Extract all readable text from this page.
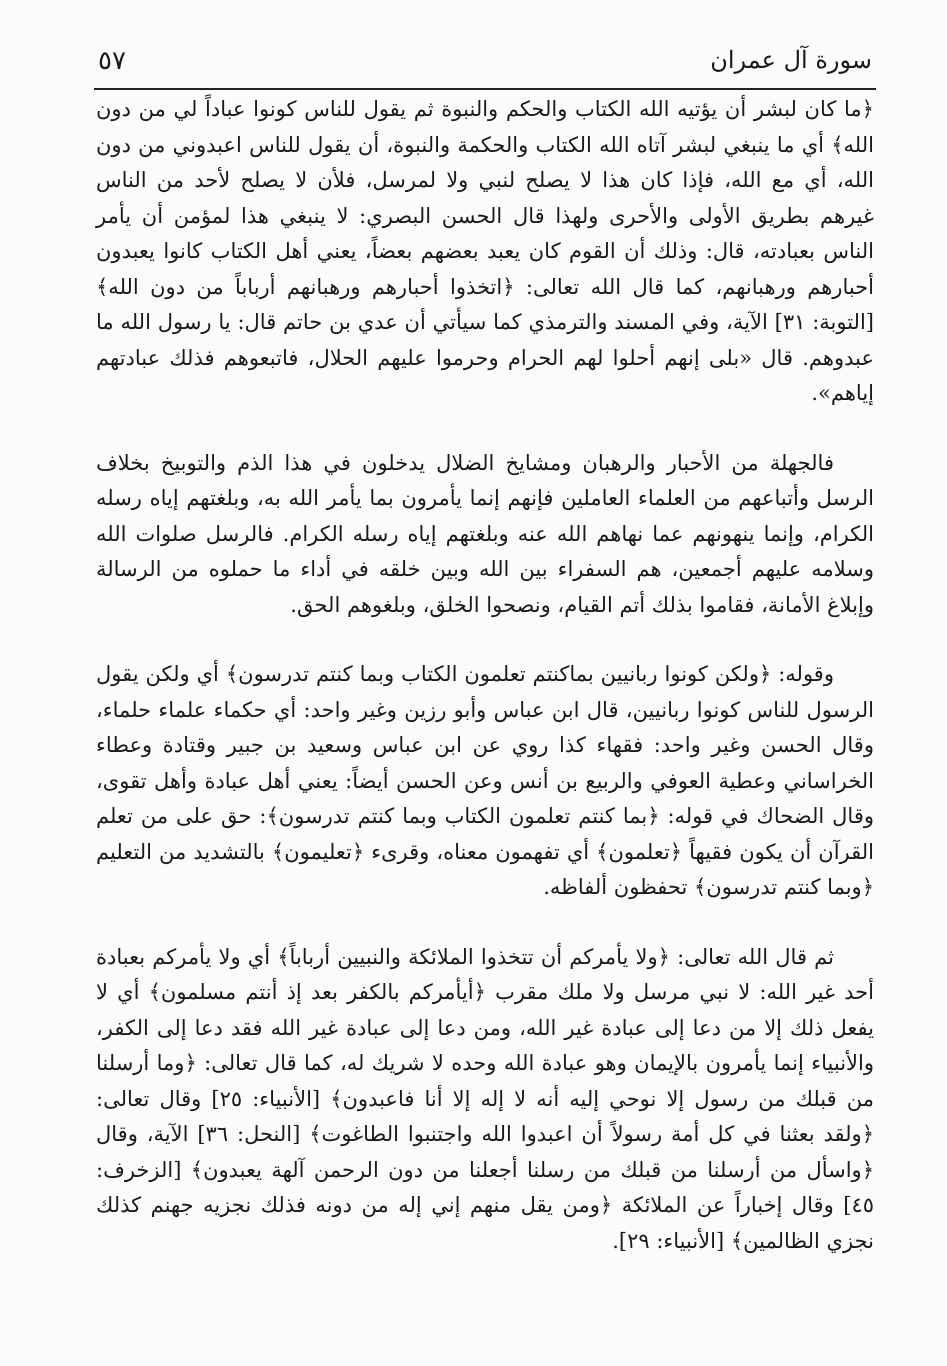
سورة آل عمران
٥٧

﴿ما كان لبشر أن يؤتيه الله الكتاب والحكم والنبوة ثم يقول للناس كونوا عباداً لي من دون الله﴾ أي ما ينبغي لبشر آتاه الله الكتاب والحكمة والنبوة، أن يقول للناس اعبدوني من دون الله، أي مع الله، فإذا كان هذا لا يصلح لنبي ولا لمرسل، فلأن لا يصلح لأحد من الناس غيرهم بطريق الأولى والأحرى ولهذا قال الحسن البصري: لا ينبغي هذا لمؤمن أن يأمر الناس بعبادته، قال: وذلك أن القوم كان يعبد بعضهم بعضاً، يعني أهل الكتاب كانوا يعبدون أحبارهم ورهبانهم، كما قال الله تعالى: ﴿اتخذوا أحبارهم ورهبانهم أرباباً من دون الله﴾ [التوبة: ٣١] الآية، وفي المسند والترمذي كما سيأتي أن عدي بن حاتم قال: يا رسول الله ما عبدوهم. قال «بلى إنهم أحلوا لهم الحرام وحرموا عليهم الحلال، فاتبعوهم فذلك عبادتهم إياهم».

فالجهلة من الأحبار والرهبان ومشايخ الضلال يدخلون في هذا الذم والتوبيخ بخلاف الرسل وأتباعهم من العلماء العاملين فإنهم إنما يأمرون بما يأمر الله به، وبلغتهم إياه رسله الكرام، وإنما ينهونهم عما نهاهم الله عنه وبلغتهم إياه رسله الكرام. فالرسل صلوات الله وسلامه عليهم أجمعين، هم السفراء بين الله وبين خلقه في أداء ما حملوه من الرسالة وإبلاغ الأمانة، فقاموا بذلك أتم القيام، ونصحوا الخلق، وبلغوهم الحق.

وقوله: ﴿ولكن كونوا ربانيين بماكنتم تعلمون الكتاب وبما كنتم تدرسون﴾ أي ولكن يقول الرسول للناس كونوا ربانيين، قال ابن عباس وأبو رزين وغير واحد: أي حكماء علماء حلماء، وقال الحسن وغير واحد: فقهاء كذا روي عن ابن عباس وسعيد بن جبير وقتادة وعطاء الخراساني وعطية العوفي والربيع بن أنس وعن الحسن أيضاً: يعني أهل عبادة وأهل تقوى، وقال الضحاك في قوله: ﴿بما كنتم تعلمون الكتاب وبما كنتم تدرسون﴾: حق على من تعلم القرآن أن يكون فقيهاً ﴿تعلمون﴾ أي تفهمون معناه، وقرىء ﴿تعليمون﴾ بالتشديد من التعليم ﴿وبما كنتم تدرسون﴾ تحفظون ألفاظه.

ثم قال الله تعالى: ﴿ولا يأمركم أن تتخذوا الملائكة والنبيين أرباباً﴾ أي ولا يأمركم بعبادة أحد غير الله: لا نبي مرسل ولا ملك مقرب ﴿أيأمركم بالكفر بعد إذ أنتم مسلمون﴾ أي لا يفعل ذلك إلا من دعا إلى عبادة غير الله، ومن دعا إلى عبادة غير الله فقد دعا إلى الكفر، والأنبياء إنما يأمرون بالإيمان وهو عبادة الله وحده لا شريك له، كما قال تعالى: ﴿وما أرسلنا من قبلك من رسول إلا نوحي إليه أنه لا إله إلا أنا فاعبدون﴾ [الأنبياء: ٢٥] وقال تعالى: ﴿ولقد بعثنا في كل أمة رسولاً أن اعبدوا الله واجتنبوا الطاغوت﴾ [النحل: ٣٦] الآية، وقال ﴿واسأل من أرسلنا من قبلك من رسلنا أجعلنا من دون الرحمن آلهة يعبدون﴾ [الزخرف: ٤٥] وقال إخباراً عن الملائكة ﴿ومن يقل منهم إني إله من دونه فذلك نجزيه جهنم كذلك نجزي الظالمين﴾ [الأنبياء: ٢٩].
